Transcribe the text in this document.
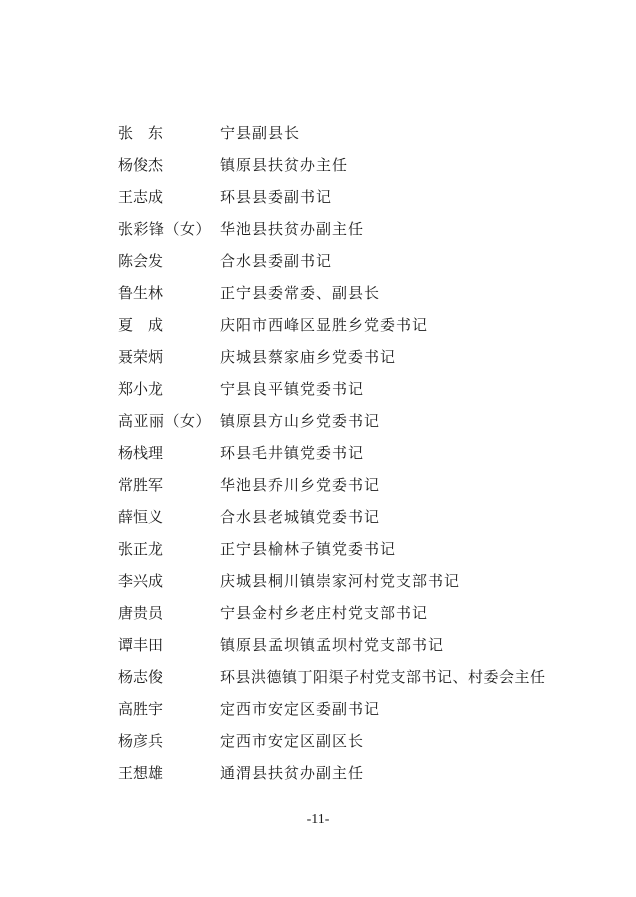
张　东	宁县副县长
杨俊杰	镇原县扶贫办主任
王志成	环县县委副书记
张彩锋（女） 华池县扶贫办副主任
陈会发	合水县委副书记
鲁生林	正宁县委常委、副县长
夏　成	庆阳市西峰区显胜乡党委书记
聂荣炳	庆城县蔡家庙乡党委书记
郑小龙	宁县良平镇党委书记
高亚丽（女） 镇原县方山乡党委书记
杨栈理	环县毛井镇党委书记
常胜军	华池县乔川乡党委书记
薛恒义	合水县老城镇党委书记
张正龙	正宁县榆林子镇党委书记
李兴成	庆城县桐川镇崇家河村党支部书记
唐贵员	宁县金村乡老庄村党支部书记
谭丰田	镇原县孟坝镇孟坝村党支部书记
杨志俊	环县洪德镇丁阳渠子村党支部书记、村委会主任
高胜宇	定西市安定区委副书记
杨彦兵	定西市安定区副区长
王想雄	通渭县扶贫办副主任
-11-
